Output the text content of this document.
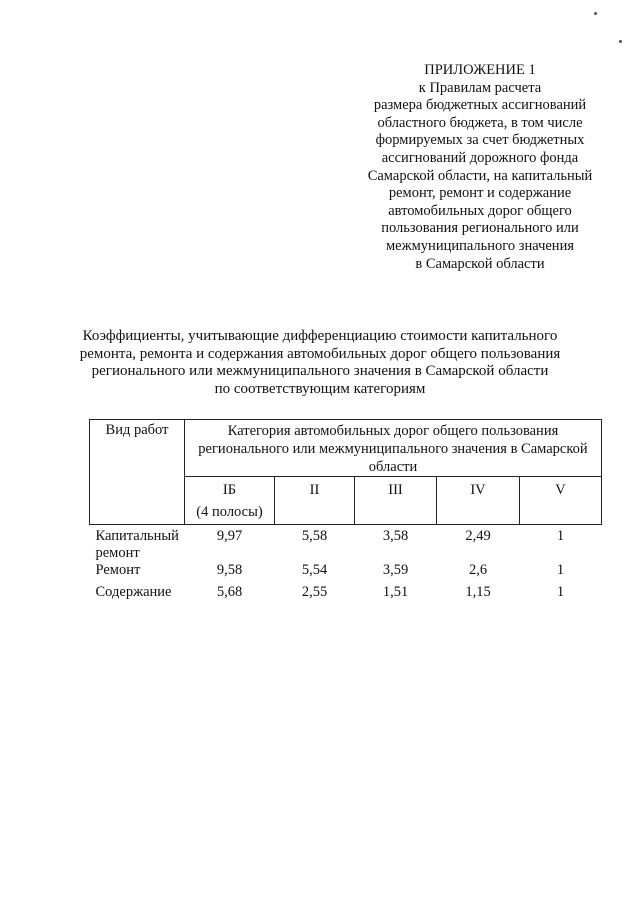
ПРИЛОЖЕНИЕ 1
к Правилам расчета
размера бюджетных ассигнований
областного бюджета, в том числе
формируемых за счет бюджетных
ассигнований дорожного фонда
Самарской области, на капитальный
ремонт, ремонт и содержание
автомобильных дорог общего
пользования регионального или
межмуниципального значения
в Самарской области
Коэффициенты, учитывающие дифференциацию стоимости капитального
ремонта, ремонта и содержания автомобильных дорог общего пользования
регионального или межмуниципального значения в Самарской области
по соответствующим категориям
Вид работ	Категория автомобильных дорог общего пользования
регионального или межмуниципального значения в Самарской
области				

	IБ
(4 полосы)	II	III	IV	V

Капитальный
ремонт	9,97	5,58	3,58	2,49	1
Ремонт	9,58	5,54	3,59	2,6	1
Содержание	5,68	2,55	1,51	1,15	1
